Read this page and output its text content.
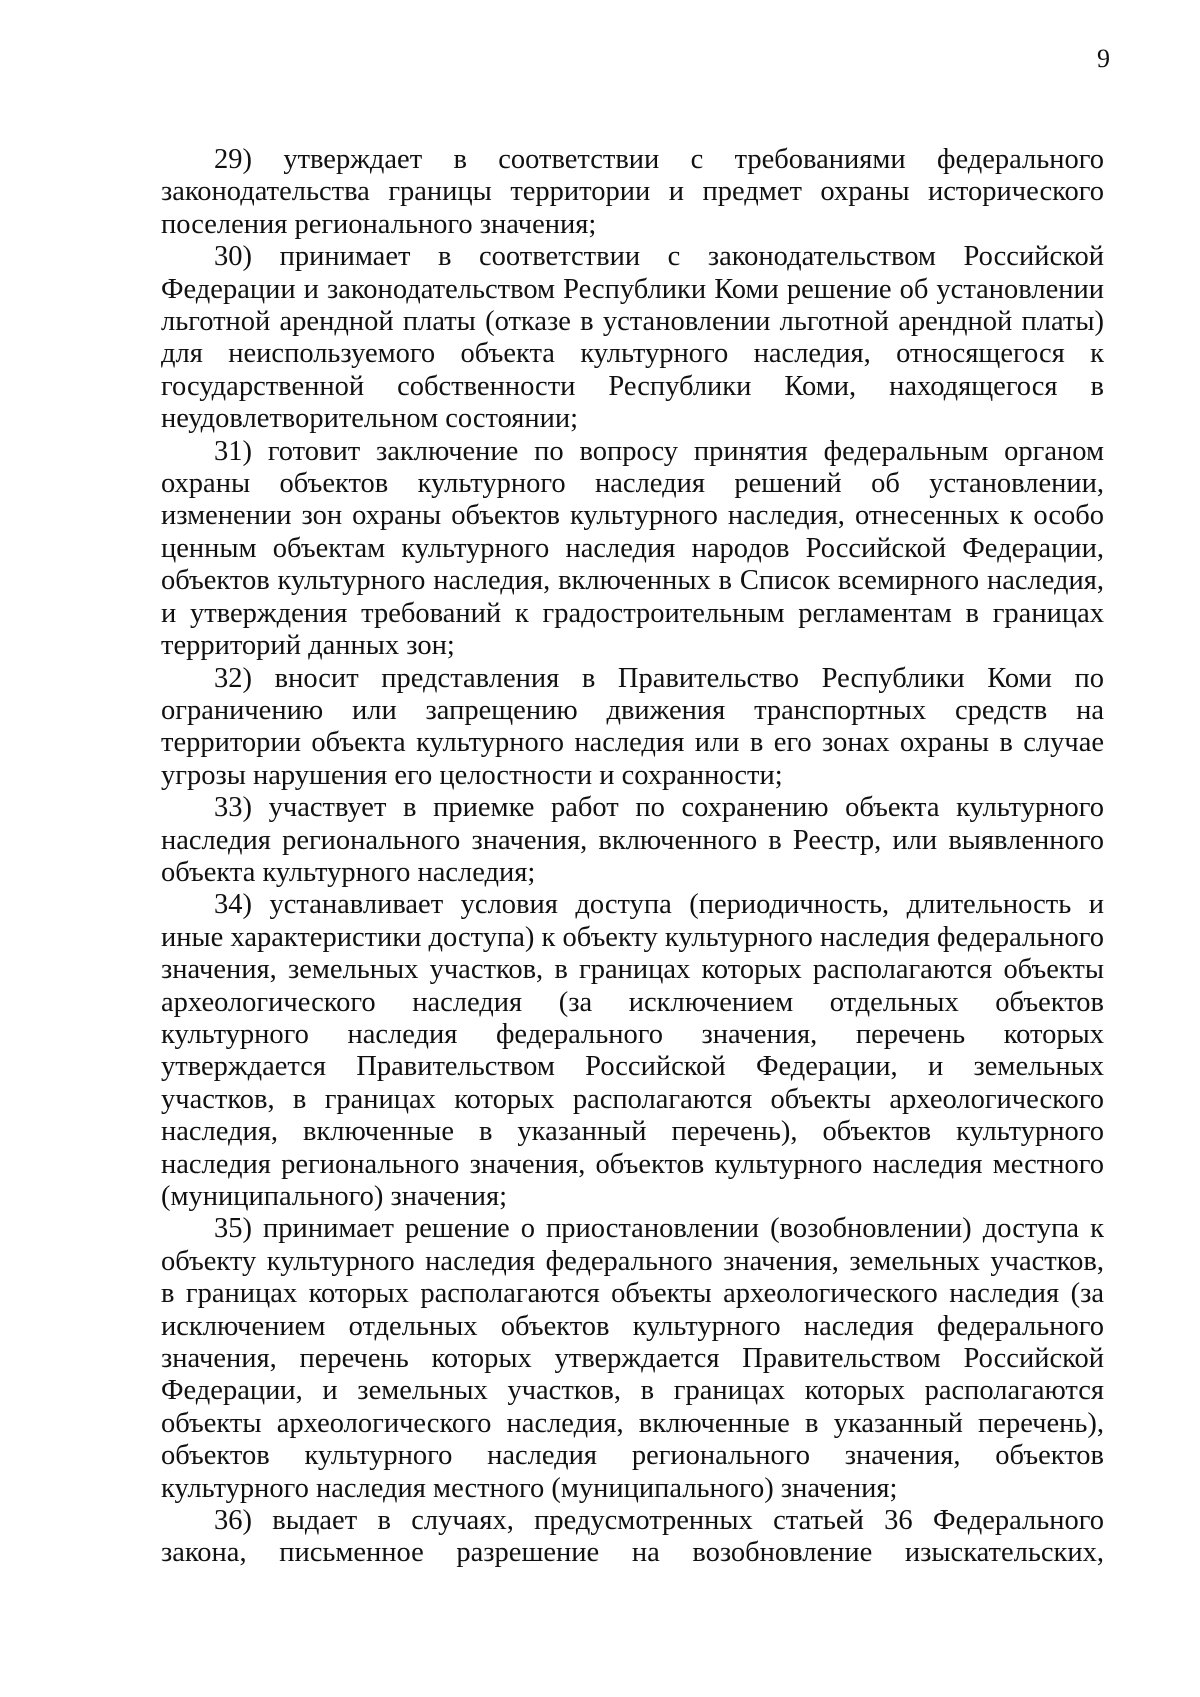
9

29) утверждает в соответствии с требованиями федерального законодательства границы территории и предмет охраны исторического поселения регионального значения;

30) принимает в соответствии с законодательством Российской Федерации и законодательством Республики Коми решение об установлении льготной арендной платы (отказе в установлении льготной арендной платы) для неиспользуемого объекта культурного наследия, относящегося к государственной собственности Республики Коми, находящегося в неудовлетворительном состоянии;

31) готовит заключение по вопросу принятия федеральным органом охраны объектов культурного наследия решений об установлении, изменении зон охраны объектов культурного наследия, отнесенных к особо ценным объектам культурного наследия народов Российской Федерации, объектов культурного наследия, включенных в Список всемирного наследия, и утверждения требований к градостроительным регламентам в границах территорий данных зон;

32) вносит представления в Правительство Республики Коми по ограничению или запрещению движения транспортных средств на территории объекта культурного наследия или в его зонах охраны в случае угрозы нарушения его целостности и сохранности;

33) участвует в приемке работ по сохранению объекта культурного наследия регионального значения, включенного в Реестр, или выявленного объекта культурного наследия;

34) устанавливает условия доступа (периодичность, длительность и иные характеристики доступа) к объекту культурного наследия федерального значения, земельных участков, в границах которых располагаются объекты археологического наследия (за исключением отдельных объектов культурного наследия федерального значения, перечень которых утверждается Правительством Российской Федерации, и земельных участков, в границах которых располагаются объекты археологического наследия, включенные в указанный перечень), объектов культурного наследия регионального значения, объектов культурного наследия местного (муниципального) значения;

35) принимает решение о приостановлении (возобновлении) доступа к объекту культурного наследия федерального значения, земельных участков, в границах которых располагаются объекты археологического наследия (за исключением отдельных объектов культурного наследия федерального значения, перечень которых утверждается Правительством Российской Федерации, и земельных участков, в границах которых располагаются объекты археологического наследия, включенные в указанный перечень), объектов культурного наследия регионального значения, объектов культурного наследия местного (муниципального) значения;

36) выдает в случаях, предусмотренных статьей 36 Федерального закона, письменное разрешение на возобновление изыскательских,
